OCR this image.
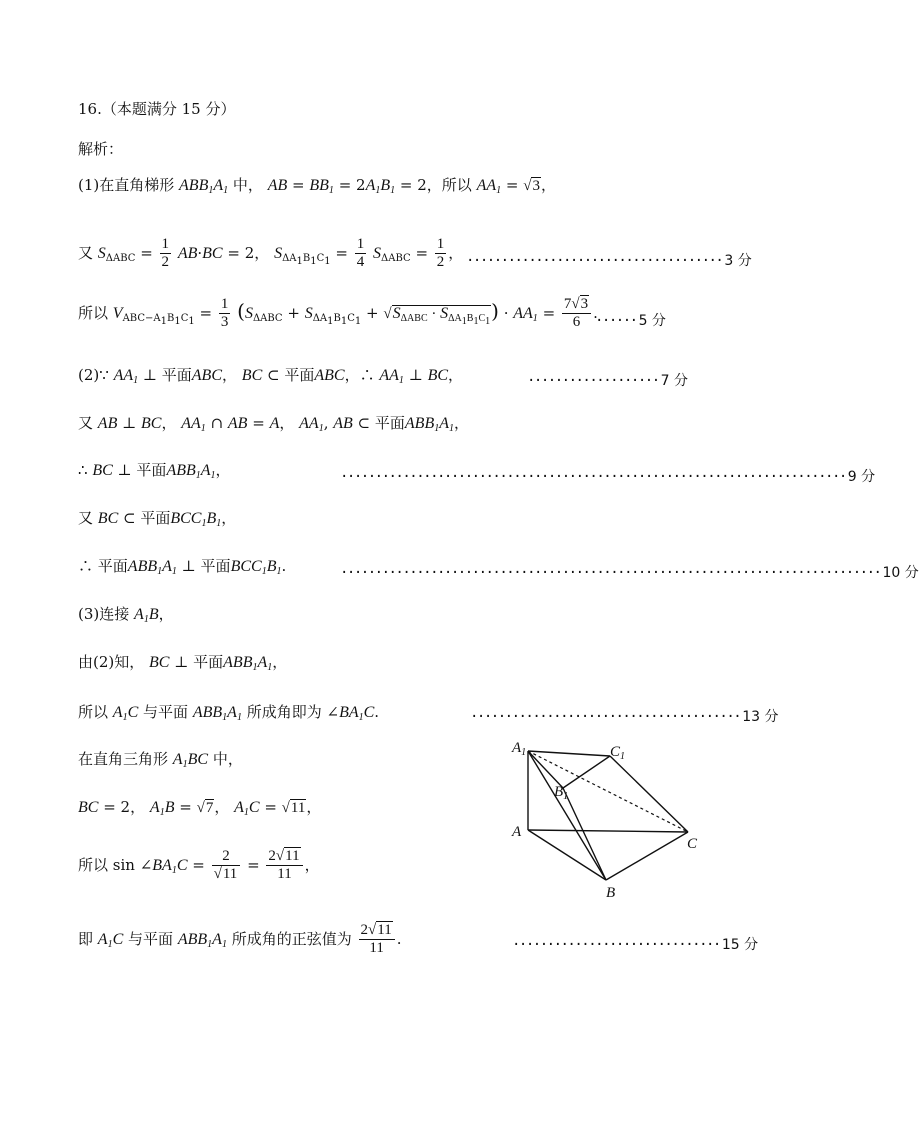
16.（本题满分 15 分）
解析：
(1)在直角梯形 $ABB_1A_1$ 中， AB = $BB_1 = 2A_1B_1 = 2$，所以 $AA_1 = √3$，
又 $S_{\Delta ABC} = \frac{1}{2} AB\cdot BC = 2$， $S_{\Delta A_1B_1C_1} = \frac{1}{4} S_{\Delta ABC} = \frac{1}{2}$ ， ····································· 3 分
所以 $V_{ABC-A_1B_1C_1} = \frac{1}{3} (S_{\Delta ABC} + S_{\Delta A_1B_1C_1} + √S_{\Delta ABC} \cdot S_{\Delta A_1B_1C_1}) \cdot AA_1 = \frac{7√3}{6}$ .
······ 5 分
(2)∵ $AA_1$ ⊥ 平面ABC， BC ⊂ 平面ABC，∴ $AA_1$ ⊥ BC，	··················· 7 分
又 AB ⊥ BC， $AA_1$ ∩ AB = A， $AA_1$, AB ⊂ 平面$ABB_1A_1$，
∴ BC ⊥ 平面$ABB_1A_1$，	········································································· 9 分
又 BC ⊂ 平面$BCC_1B_1$，
∴ 平面$ABB_1A_1$ ⊥ 平面$BCC_1B_1$.	·············································································· 10 分
(3)连接 $A_1B$，
由(2)知， BC ⊥ 平面$ABB_1A_1$，
所以 $A_1C$ 与平面 $ABB_1A_1$ 所成角即为 $\angle BA_1C$.	······································· 13 分
在直角三角形 $A_1BC$ 中，
BC = 2， $A_1B = √7$， $A_1C = √11$，
所以 $\sin \angle BA_1C = \frac{2}{√11} = \frac{2√11}{11}$ ，
即 $A_1C$ 与平面 $ABB_1A_1$ 所成角的正弦值为 $\frac{2√11}{11}$ .	······························ 15 分
$A_1$	$C_1$
$B_1$
A
C
B
